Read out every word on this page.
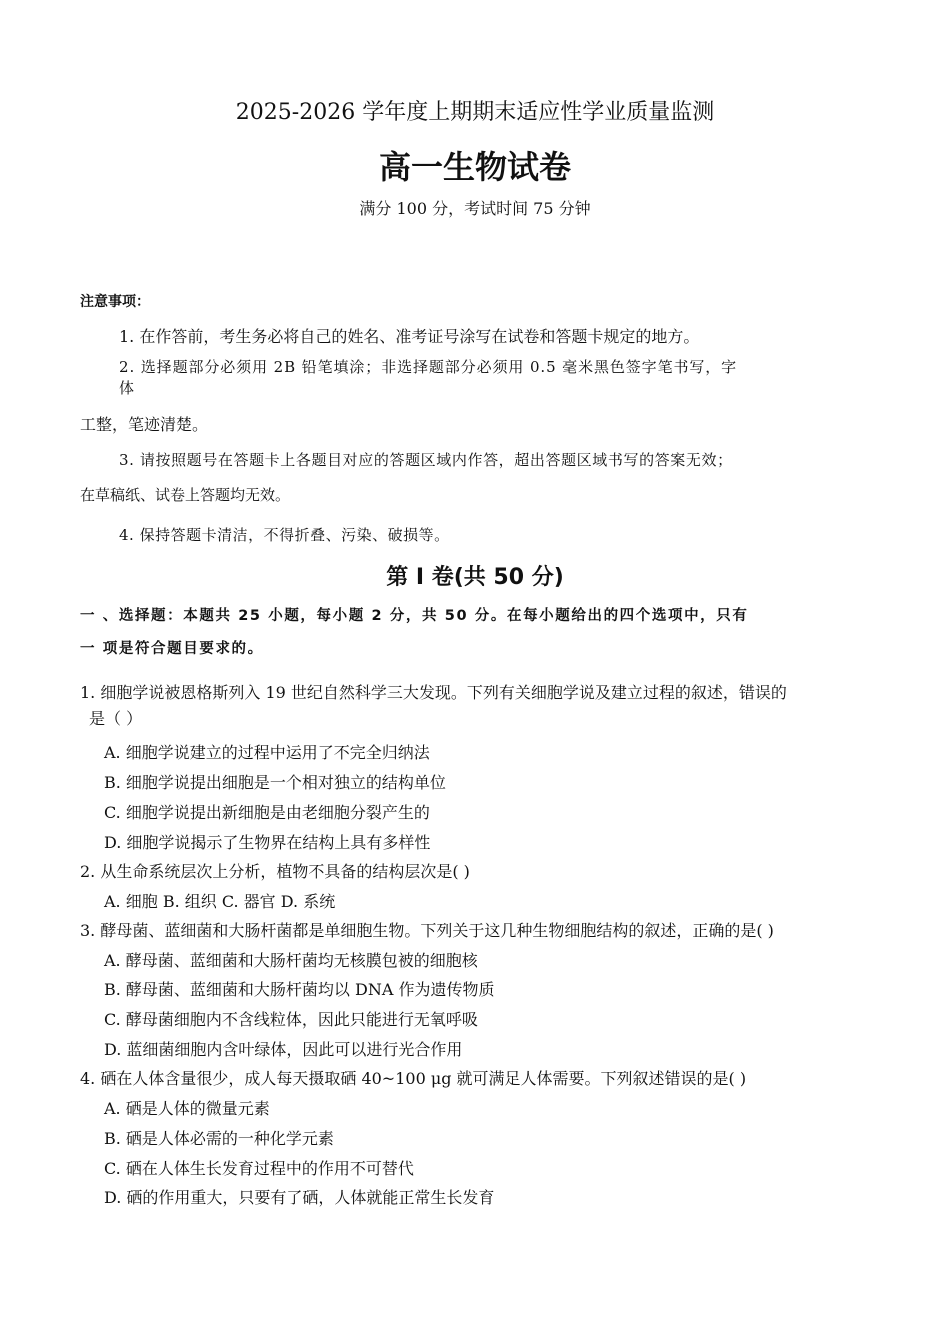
2025-2026 学年度上期期末适应性学业质量监测
高一生物试卷
满分 100 分，考试时间 75 分钟
注意事项：
1. 在作答前，考生务必将自己的姓名、准考证号涂写在试卷和答题卡规定的地方。
2. 选择题部分必须用 2B 铅笔填涂；非选择题部分必须用 0.5 毫米黑色签字笔书写，字
体
工整，笔迹清楚。
3. 请按照题号在答题卡上各题目对应的答题区域内作答，超出答题区域书写的答案无效；
在草稿纸、试卷上答题均无效。
4. 保持答题卡清洁，不得折叠、污染、破损等。
第 Ⅰ 卷(共 50 分)
一 、选择题：本题共 25 小题，每小题 2 分，共 50 分。在每小题给出的四个选项中，只有
一 项是符合题目要求的。
1. 细胞学说被恩格斯列入 19 世纪自然科学三大发现。下列有关细胞学说及建立过程的叙述，错误的
是（ ）
A. 细胞学说建立的过程中运用了不完全归纳法
B. 细胞学说提出细胞是一个相对独立的结构单位
C. 细胞学说提出新细胞是由老细胞分裂产生的
D. 细胞学说揭示了生物界在结构上具有多样性
2. 从生命系统层次上分析，植物不具备的结构层次是( )
A. 细胞 B. 组织 C. 器官 D. 系统
3. 酵母菌、蓝细菌和大肠杆菌都是单细胞生物。下列关于这几种生物细胞结构的叙述，正确的是( )
A. 酵母菌、蓝细菌和大肠杆菌均无核膜包被的细胞核
B. 酵母菌、蓝细菌和大肠杆菌均以 DNA 作为遗传物质
C. 酵母菌细胞内不含线粒体，因此只能进行无氧呼吸
D. 蓝细菌细胞内含叶绿体，因此可以进行光合作用
4. 硒在人体含量很少，成人每天摄取硒 40~100 μg 就可满足人体需要。下列叙述错误的是( )
A. 硒是人体的微量元素
B. 硒是人体必需的一种化学元素
C. 硒在人体生长发育过程中的作用不可替代
D. 硒的作用重大，只要有了硒，人体就能正常生长发育
